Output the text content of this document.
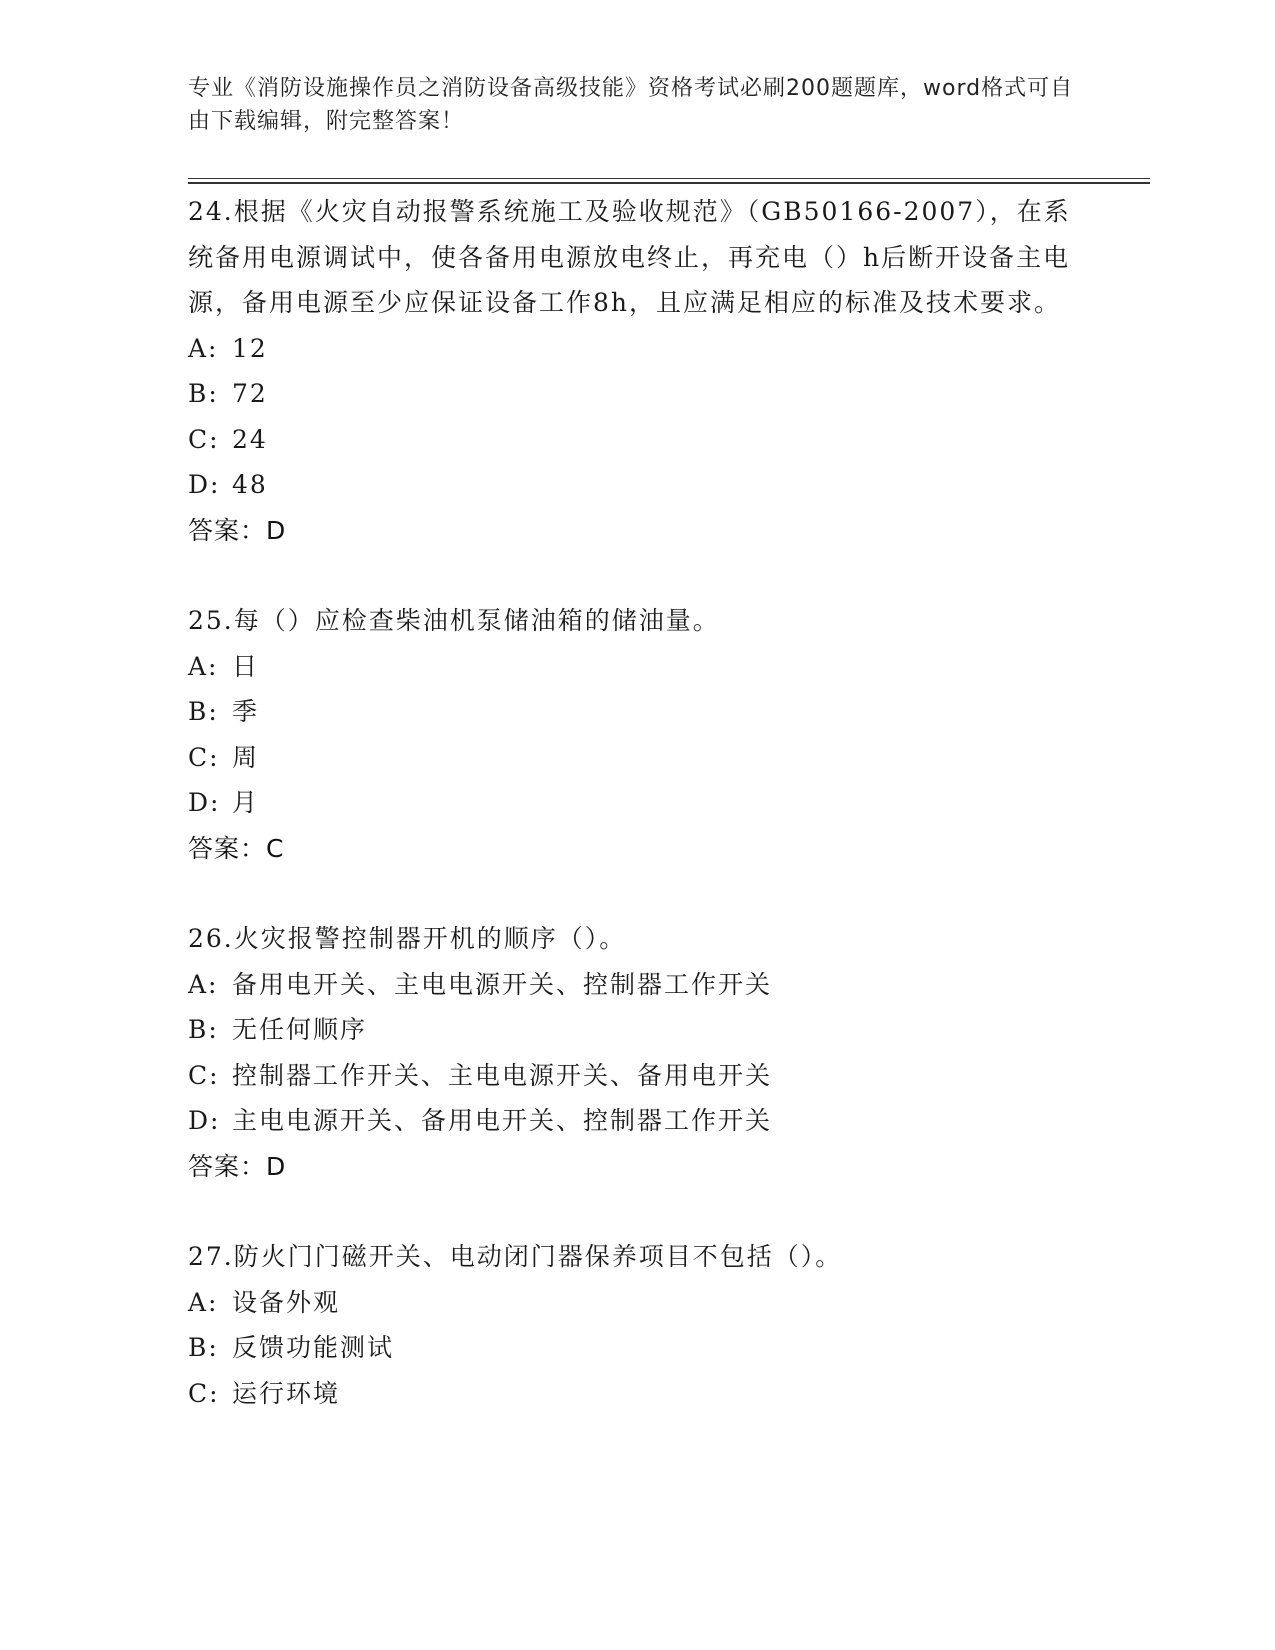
专业《消防设施操作员之消防设备高级技能》资格考试必刷200题题库，word格式可自由下载编辑，附完整答案！
24.根据《火灾自动报警系统施工及验收规范》（GB50166-2007），在系统备用电源调试中，使各备用电源放电终止，再充电（）h后断开设备主电源，备用电源至少应保证设备工作8h，且应满足相应的标准及技术要求。
A: 12
B: 72
C: 24
D: 48
答案：D
25.每（）应检查柴油机泵储油箱的储油量。
A: 日
B: 季
C: 周
D: 月
答案：C
26.火灾报警控制器开机的顺序（）。
A: 备用电开关、主电电源开关、控制器工作开关
B: 无任何顺序
C: 控制器工作开关、主电电源开关、备用电开关
D: 主电电源开关、备用电开关、控制器工作开关
答案：D
27.防火门门磁开关、电动闭门器保养项目不包括（）。
A: 设备外观
B: 反馈功能测试
C: 运行环境
